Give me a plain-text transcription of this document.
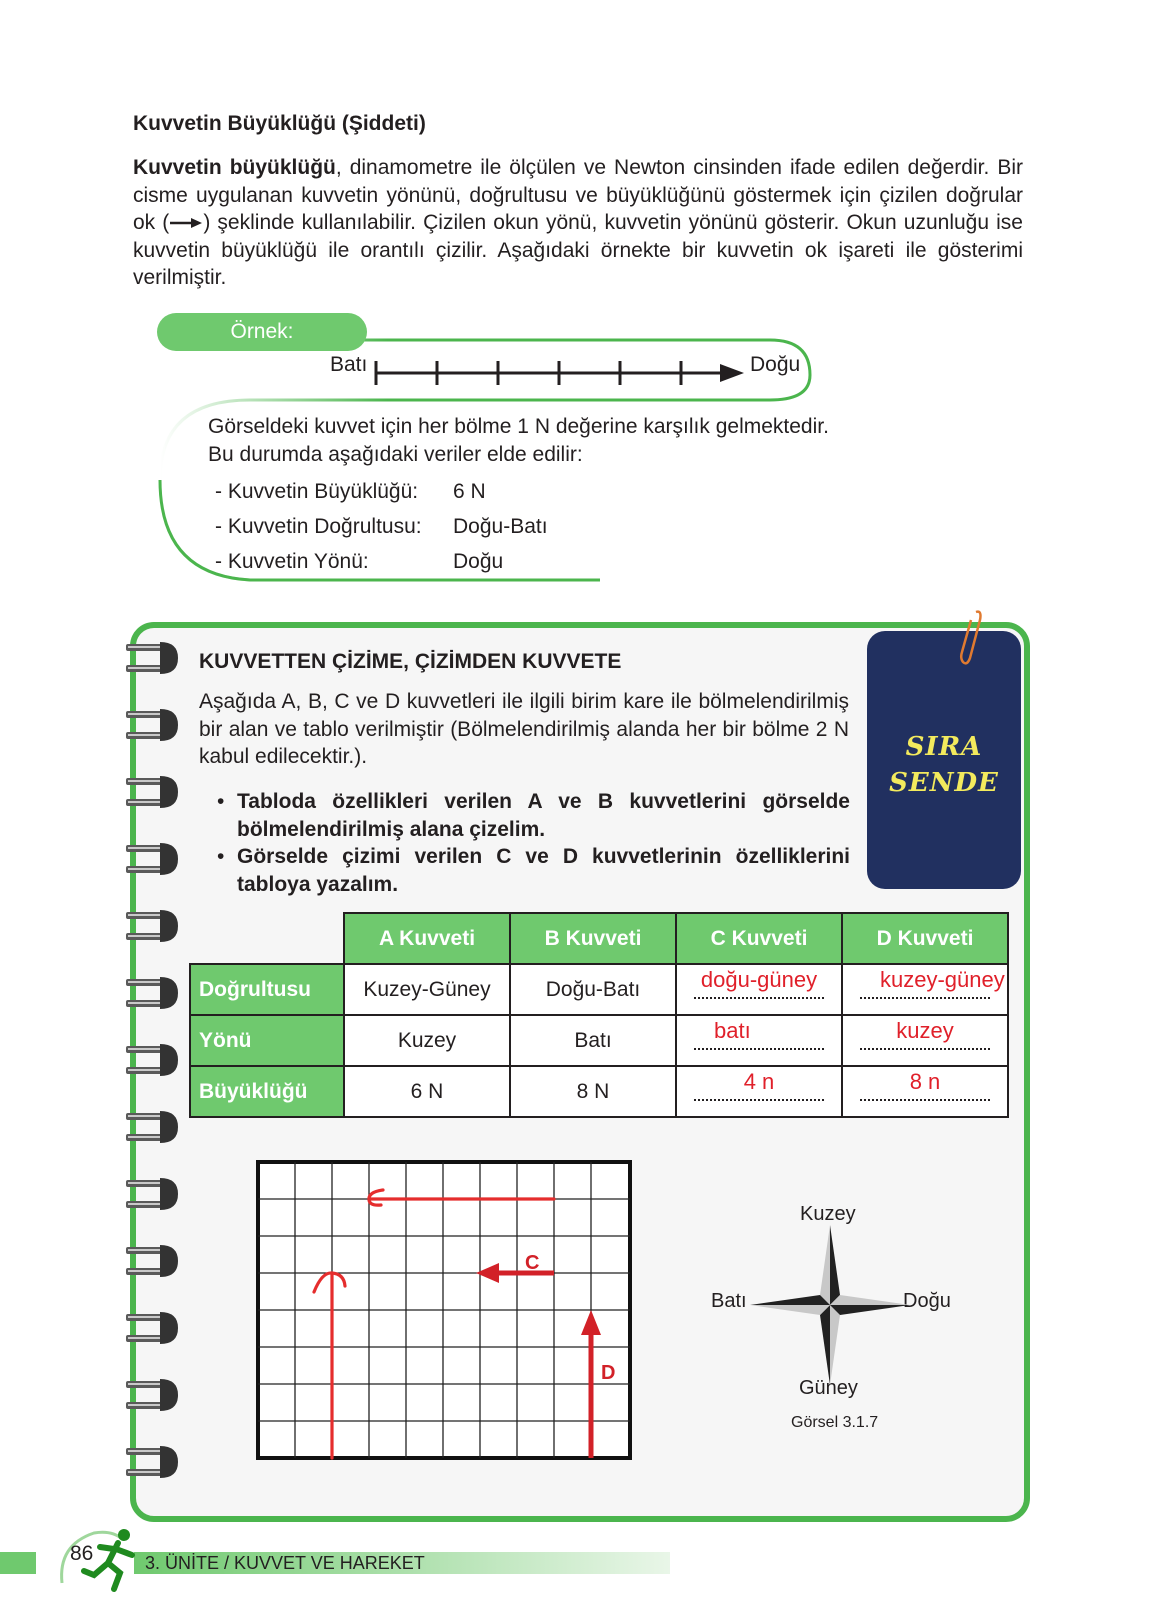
Kuvvetin Büyüklüğü (Şiddeti)
Kuvvetin büyüklüğü, dinamometre ile ölçülen ve Newton cinsinden ifade edilen değerdir. Bir cisme uygulanan kuvvetin yönünü, doğrultusu ve büyüklüğünü göstermek için çizilen doğrular ok ( ) şeklinde kullanılabilir. Çizilen okun yönü, kuvvetin yönünü gösterir. Okun uzunluğu ise kuvvetin büyüklüğü ile orantılı çizilir. Aşağıdaki örnekte bir kuvvetin ok işareti ile gösterimi verilmiştir.
Örnek:
Batı	Doğu
Görseldeki kuvvet için her bölme 1 N değerine karşılık gelmektedir.
Bu durumda aşağıdaki veriler elde edilir:
- Kuvvetin Büyüklüğü: 6 N
- Kuvvetin Doğrultusu: Doğu-Batı
- Kuvvetin Yönü:	Doğu
KUVVETTEN ÇİZİME, ÇİZİMDEN KUVVETE
Aşağıda A, B, C ve D kuvvetleri ile ilgili birim kare ile bölmelendirilmiş bir alan ve tablo verilmiştir (Bölmelendirilmiş alanda her bir bölme 2 N kabul edilecektir.).
• Tabloda özellikleri verilen A ve B kuvvetlerini görselde bölmelendirilmiş alana çizelim.
• Görselde çizimi verilen C ve D kuvvetlerinin özelliklerini tabloya yazalım.
SIRA
SENDE
	A Kuvveti	B Kuvveti	C Kuvveti	D Kuvveti
Doğrultusu	Kuzey-Güney	Doğu-Batı	doğu-güney	kuzey-güney

Yönü	Kuzey	Batı	batı	kuzey

Büyüklüğü	6 N	8 N	4 n	8 n
C
D
Kuzey
Batı	Doğu
Güney
Görsel 3.1.7
86	3. ÜNİTE / KUVVET VE HAREKET
